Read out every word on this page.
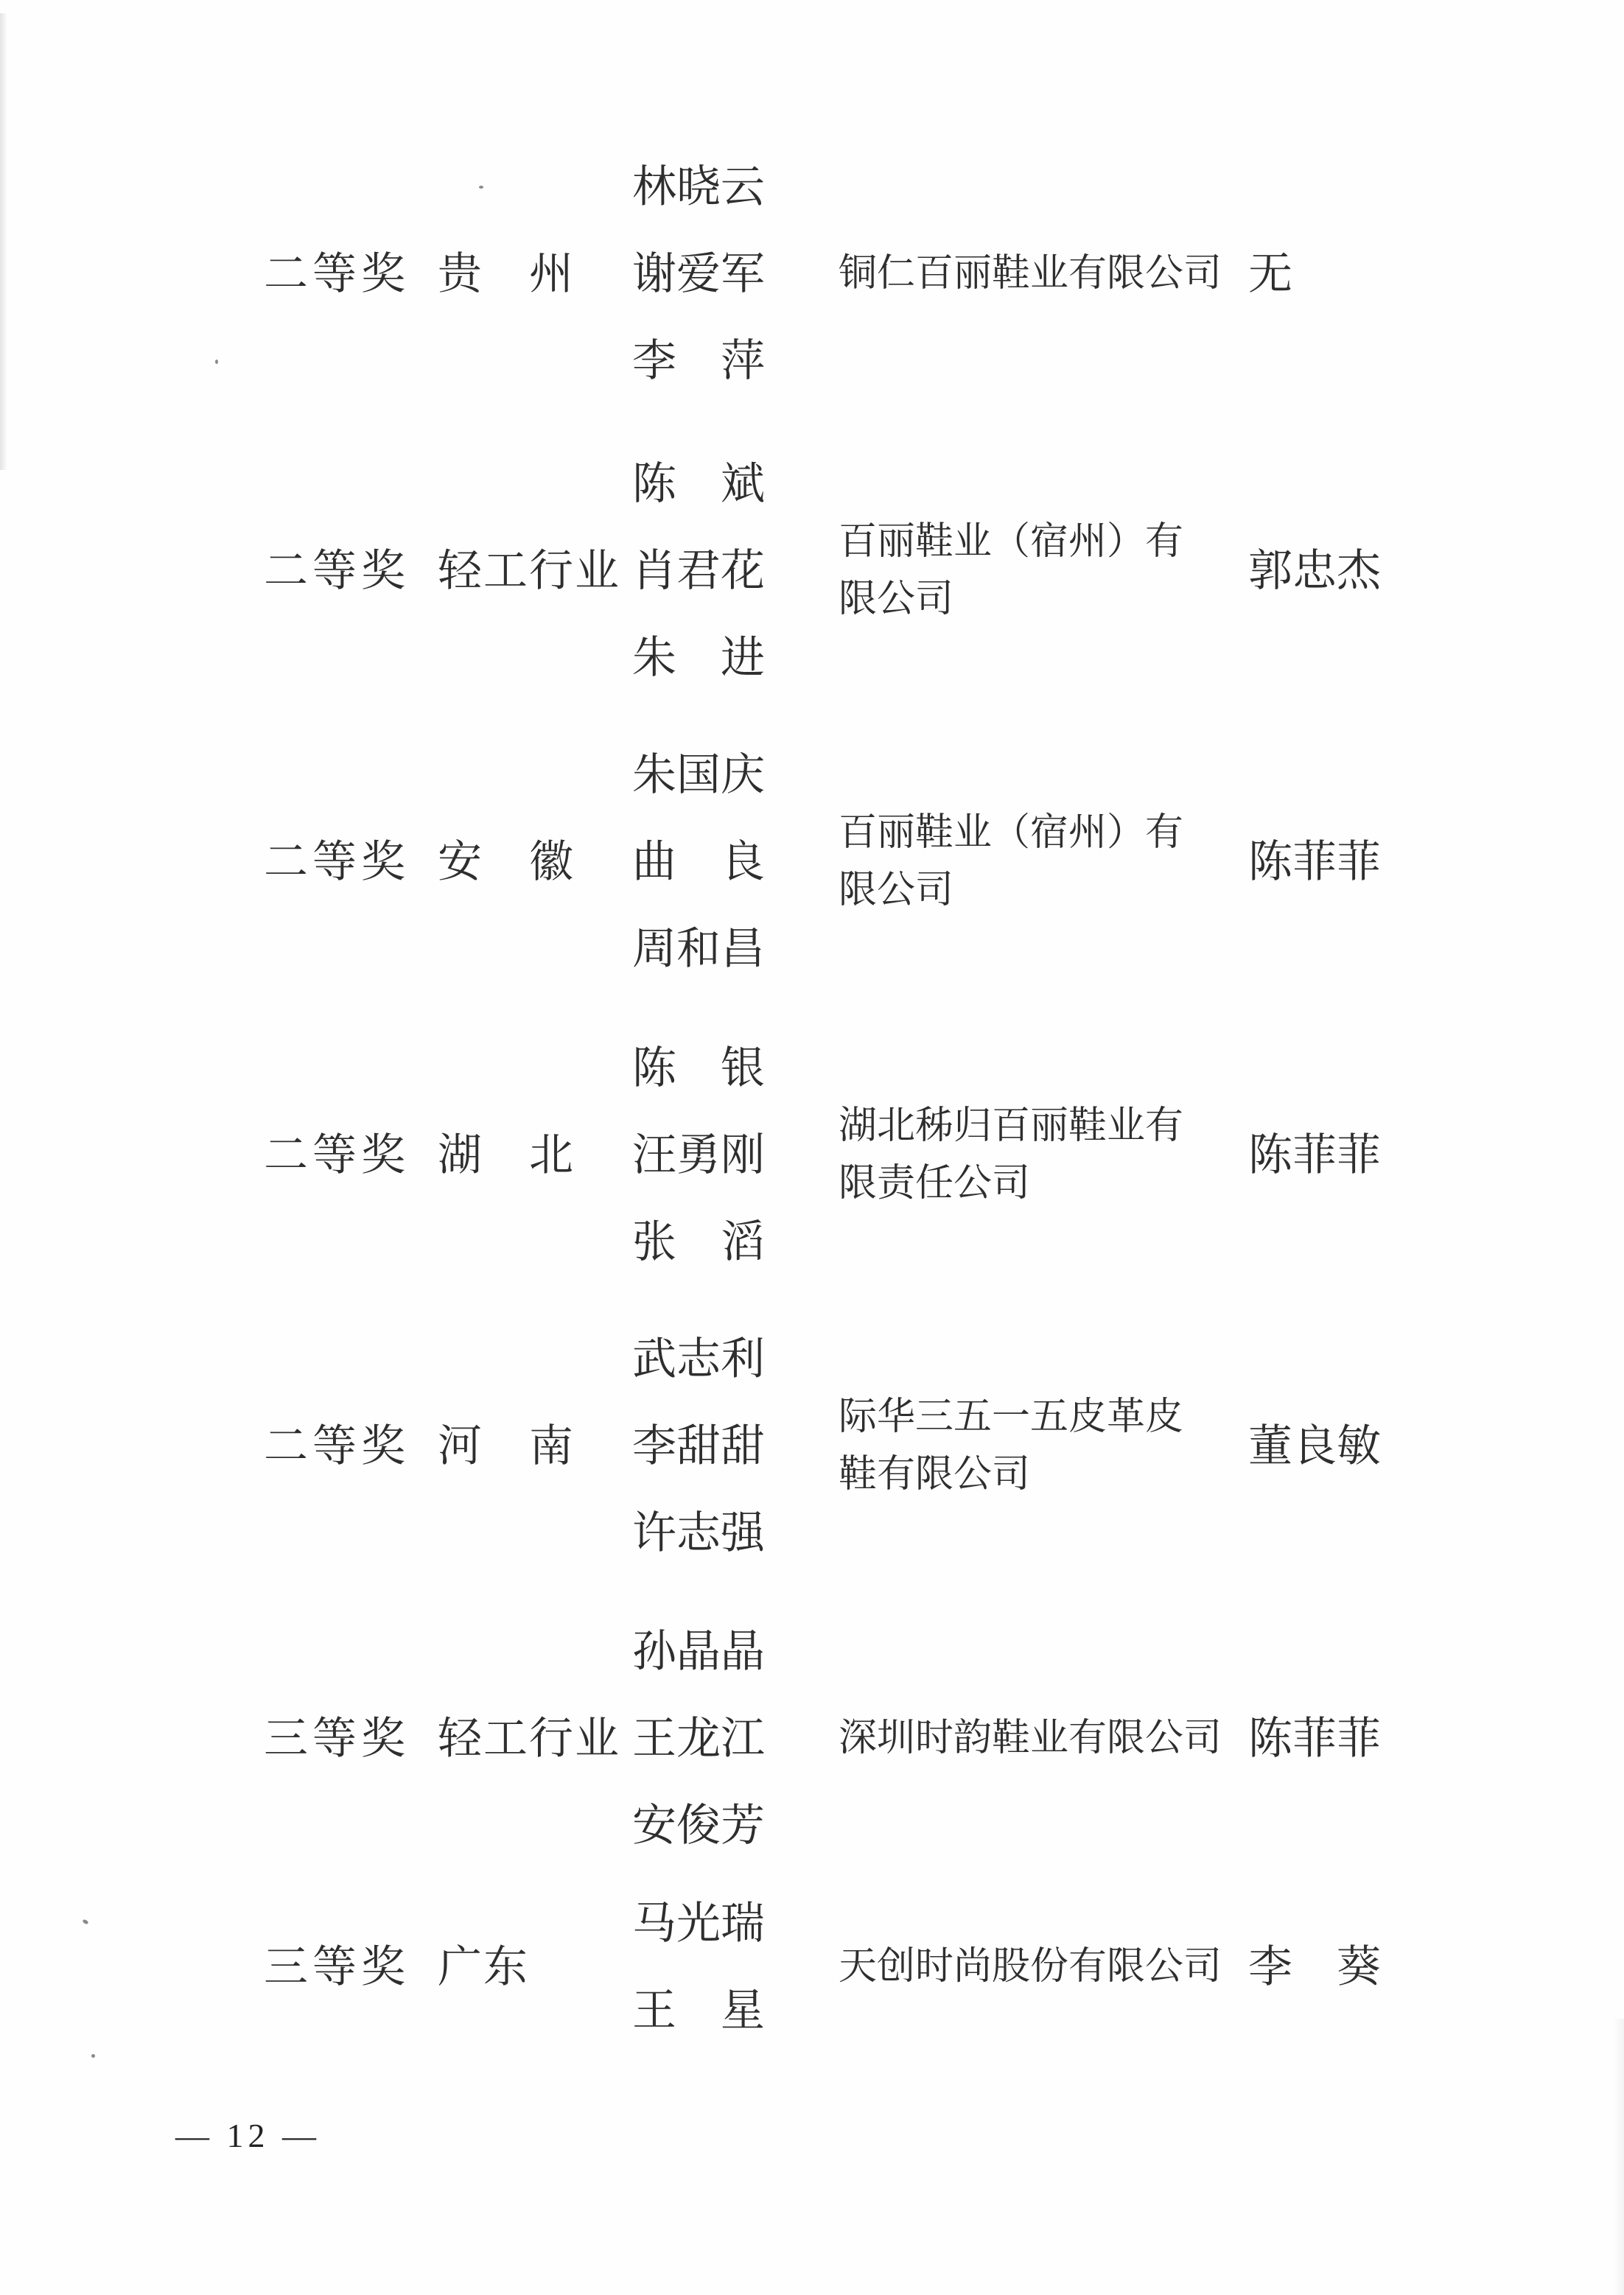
二等奖 贵　州
林晓云
谢爱军
李　萍
铜仁百丽鞋业有限公司 无
二等奖 轻工行业
陈　斌
肖君花
朱　进
百丽鞋业（宿州）有
限公司
郭忠杰
二等奖 安　徽
朱国庆
曲　良
周和昌
百丽鞋业（宿州）有
限公司
陈菲菲
二等奖 湖　北
陈　银
汪勇刚
张　滔
湖北秭归百丽鞋业有
限责任公司
陈菲菲
二等奖 河　南
武志利
李甜甜
许志强
际华三五一五皮革皮
鞋有限公司
董良敏
三等奖 轻工行业
孙晶晶
王龙江
安俊芳
深圳时韵鞋业有限公司 陈菲菲
三等奖 广东
马光瑞
王　星
天创时尚股份有限公司 李　葵
— 12 —
